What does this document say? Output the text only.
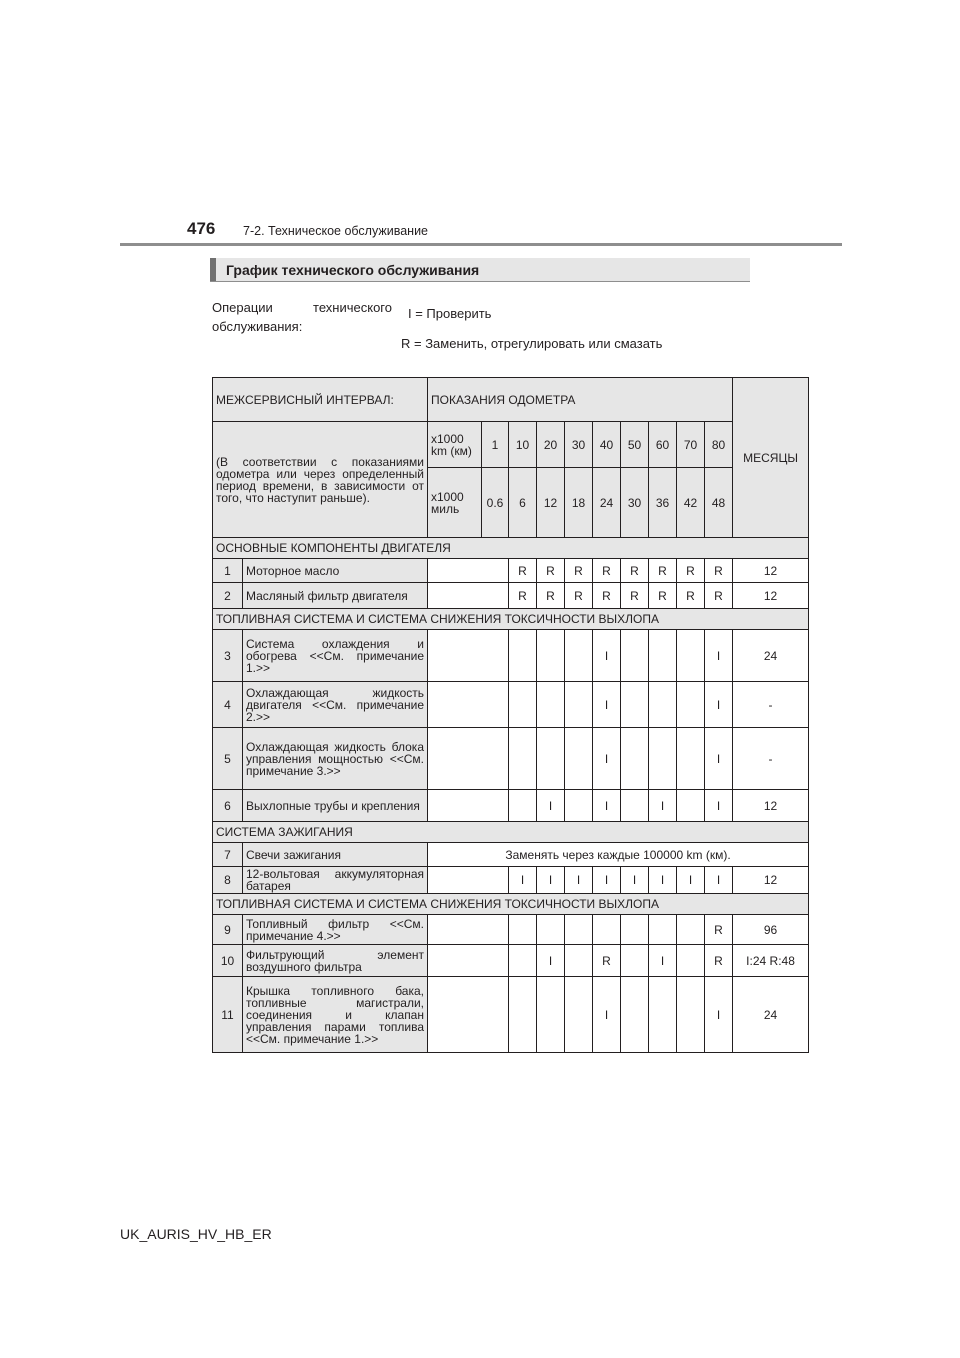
476 7-2. Техническое обслуживание
График технического обслуживания
Операции технического обслуживания:
I = Проверить
R = Заменить, отрегулировать или смазать
МЕЖСЕРВИСНЫЙ ИНТЕРВАЛ:		ПОКАЗАНИЯ ОДОМЕТРА										МЕСЯЦЫ
(В соответствии с показаниями одометра или через определенный период времени, в зависимости от того, что наступит раньше).		x1000 km (км)	1	10	20	30	40	50	60	70	80	
		x1000 миль	0.6	6	12	18	24	30	36	42	48	
ОСНОВНЫЕ КОМПОНЕНТЫ ДВИГАТЕЛЯ												
1	Моторное масло			R	R	R	R	R	R	R	R	12
2	Масляный фильтр двигателя			R	R	R	R	R	R	R	R	12
ТОПЛИВНАЯ СИСТЕМА И СИСТЕМА СНИЖЕНИЯ ТОКСИЧНОСТИ ВЫХЛОПА												
3	Система охлаждения и обогрева <<См. примечание 1.>>						I				I	24
4	Охлаждающая жидкость двигателя <<См. примечание 2.>>						I				I	-
5	Охлаждающая жидкость блока управления мощностью <<См. примечание 3.>>						I				I	-
6	Выхлопные трубы и крепления				I		I		I		I	12
СИСТЕМА ЗАЖИГАНИЯ												
7	Свечи зажигания	Заменять через каждые 100000 km (км).										
8	12-вольтовая аккумуляторная батарея			I	I	I	I	I	I	I	I	12
ТОПЛИВНАЯ СИСТЕМА И СИСТЕМА СНИЖЕНИЯ ТОКСИЧНОСТИ ВЫХЛОПА												
9	Топливный фильтр <<См. примечание 4.>>										R	96
10	Фильтрующий элемент воздушного фильтра				I		R		I		R	I:24 R:48
11	Крышка топливного бака, топливные магистрали, соединения и клапан управления парами топлива <<См. примечание 1.>>						I				I	24
UK_AURIS_HV_HB_ER
